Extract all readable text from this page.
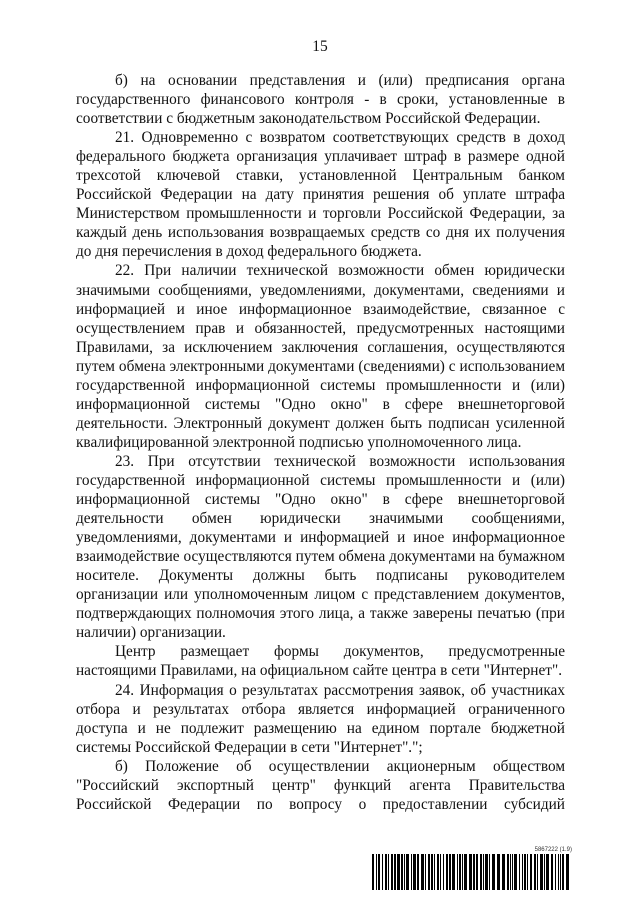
15

б) на основании представления и (или) предписания органа государственного финансового контроля - в сроки, установленные в соответствии с бюджетным законодательством Российской Федерации.

21. Одновременно с возвратом соответствующих средств в доход федерального бюджета организация уплачивает штраф в размере одной трехсотой ключевой ставки, установленной Центральным банком Российской Федерации на дату принятия решения об уплате штрафа Министерством промышленности и торговли Российской Федерации, за каждый день использования возвращаемых средств со дня их получения до дня перечисления в доход федерального бюджета.

22. При наличии технической возможности обмен юридически значимыми сообщениями, уведомлениями, документами, сведениями и информацией и иное информационное взаимодействие, связанное с осуществлением прав и обязанностей, предусмотренных настоящими Правилами, за исключением заключения соглашения, осуществляются путем обмена электронными документами (сведениями) с использованием государственной информационной системы промышленности и (или) информационной системы "Одно окно" в сфере внешнеторговой деятельности. Электронный документ должен быть подписан усиленной квалифицированной электронной подписью уполномоченного лица.

23. При отсутствии технической возможности использования государственной информационной системы промышленности и (или) информационной системы "Одно окно" в сфере внешнеторговой деятельности обмен юридически значимыми сообщениями, уведомлениями, документами и информацией и иное информационное взаимодействие осуществляются путем обмена документами на бумажном носителе. Документы должны быть подписаны руководителем организации или уполномоченным лицом с представлением документов, подтверждающих полномочия этого лица, а также заверены печатью (при наличии) организации.

Центр размещает формы документов, предусмотренные настоящими Правилами, на официальном сайте центра в сети "Интернет".

24. Информация о результатах рассмотрения заявок, об участниках отбора и результатах отбора является информацией ограниченного доступа и не подлежит размещению на едином портале бюджетной системы Российской Федерации в сети "Интернет".";

б) Положение об осуществлении акционерным обществом "Российский экспортный центр" функций агента Правительства Российской Федерации по вопросу о предоставлении субсидий

5867222 (1.9)
